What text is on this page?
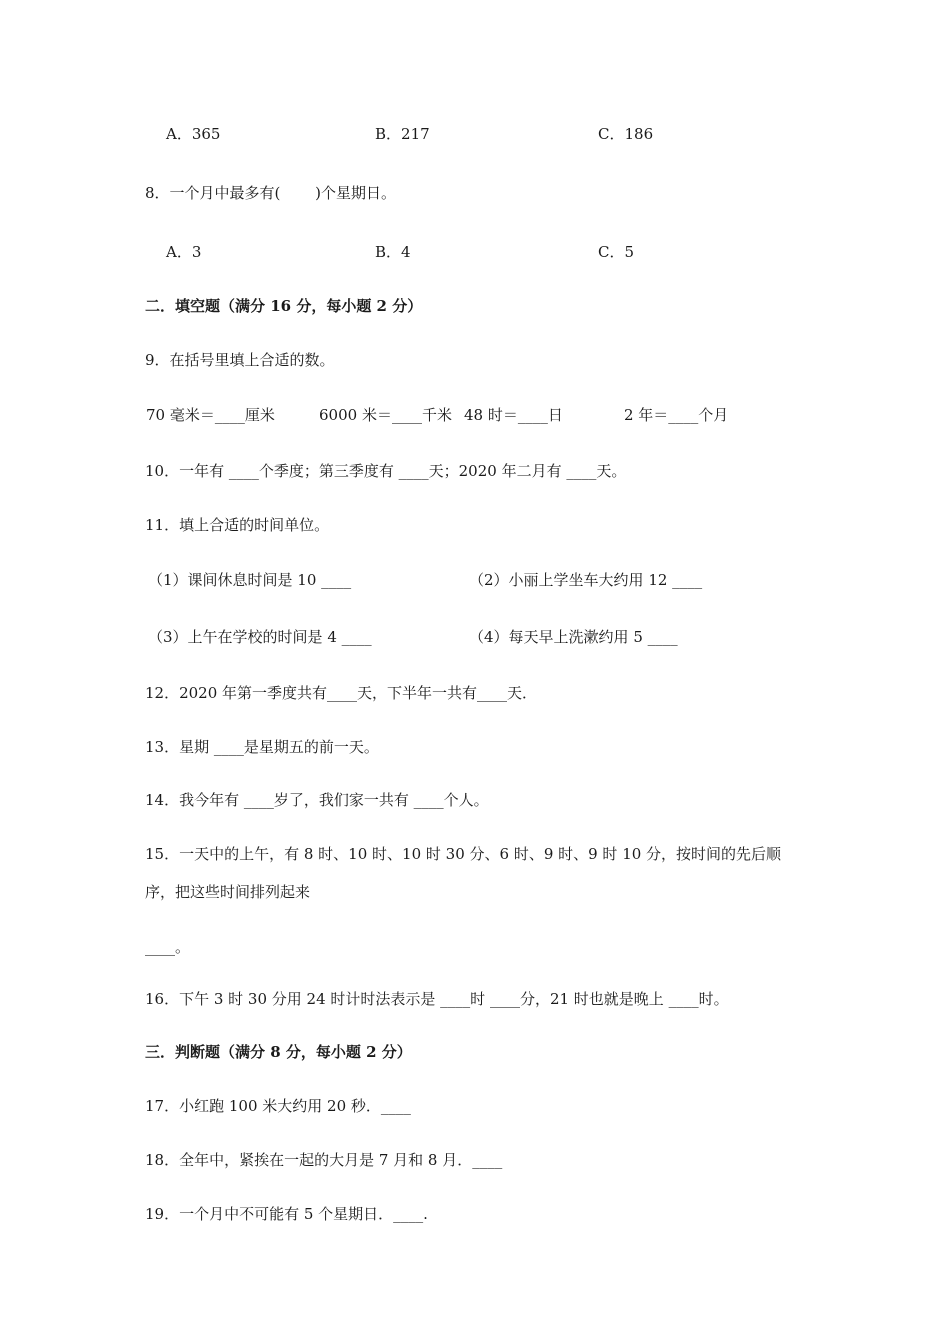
A．365	B．217	C．186
8．一个月中最多有(　　 )个星期日。
A．3	B．4	C．5
二．填空题（满分 16 分，每小题 2 分）
9．在括号里填上合适的数。
70 毫米＝____厘米	6000 米＝____千米 48 时＝____日	2 年＝____个月
10．一年有 ____个季度；第三季度有 ____天；2020 年二月有 ____天。
11．填上合适的时间单位。
（1）课间休息时间是 10 ____	（2）小丽上学坐车大约用 12 ____
（3）上午在学校的时间是 4 ____	（4）每天早上洗漱约用 5 ____
12．2020 年第一季度共有____天，下半年一共有____天．
13．星期 ____是星期五的前一天。
14．我今年有 ____岁了，我们家一共有 ____个人。
15．一天中的上午，有 8 时、10 时、10 时 30 分、6 时、9 时、9 时 10 分，按时间的先后顺
序，把这些时间排列起来
____。
16．下午 3 时 30 分用 24 时计时法表示是 ____时 ____分，21 时也就是晚上 ____时。
三．判断题（满分 8 分，每小题 2 分）
17．小红跑 100 米大约用 20 秒．____
18．全年中，紧挨在一起的大月是 7 月和 8 月．____
19．一个月中不可能有 5 个星期日．____.
